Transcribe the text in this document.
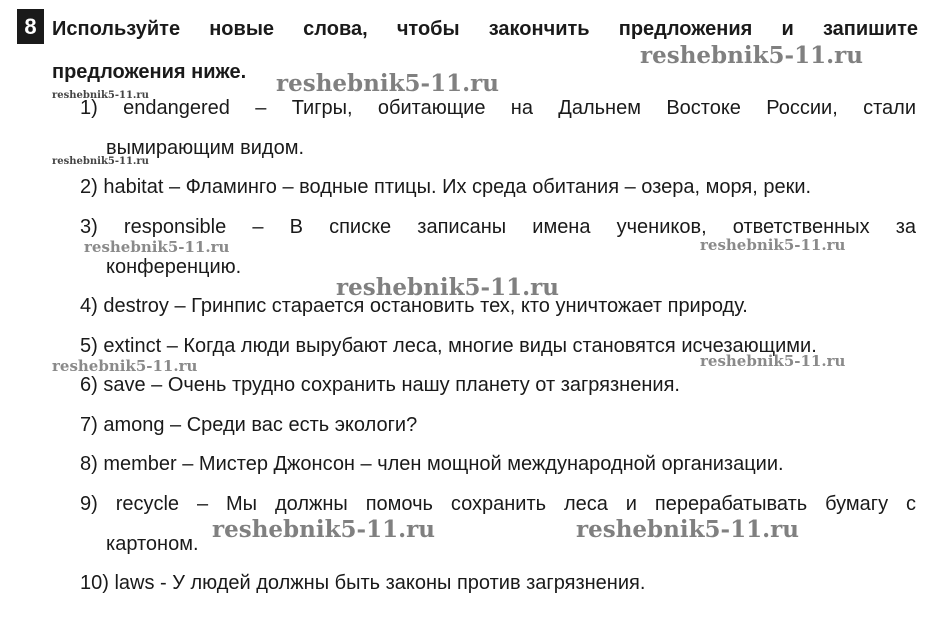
8 Используйте новые слова, чтобы закончить предложения и запишите
предложения ниже.
1) endangered – Тигры, обитающие на Дальнем Востоке России, стали
вымирающим видом.
2) habitat – Фламинго – водные птицы. Их среда обитания – озера, моря, реки.
3) responsible – В списке записаны имена учеников, ответственных за
конференцию.
4) destroy – Гринпис старается остановить тех, кто уничтожает природу.
5) extinct – Когда люди вырубают леса, многие виды становятся исчезающими.
6) save – Очень трудно сохранить нашу планету от загрязнения.
7) among – Среди вас есть экологи?
8) member – Мистер Джонсон – член мощной международной организации.
9) recycle – Мы должны помочь сохранить леса и перерабатывать бумагу с
картоном.
10) laws - У людей должны быть законы против загрязнения.
reshebnik5-11.ru
reshebnik5-11.ru
reshebnik5-11.ru
reshebnik5-11.ru
reshebnik5-11.ru	reshebnik5-11.ru
reshebnik5-11.ru
reshebnik5-11.ru	reshebnik5-11.ru
reshebnik5-11.ru	reshebnik5-11.ru
